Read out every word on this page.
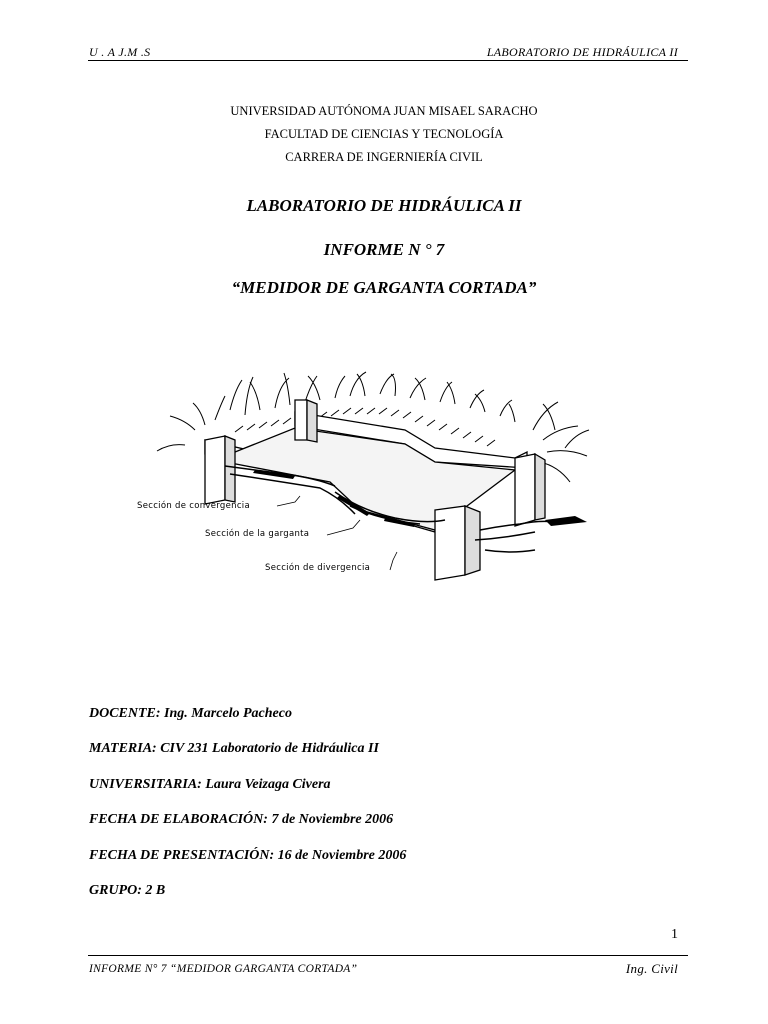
U . A J.M .S	LABORATORIO DE HIDRÁULICA II
UNIVERSIDAD AUTÓNOMA JUAN MISAEL SARACHO
FACULTAD DE CIENCIAS Y TECNOLOGÍA
CARRERA DE INGERNIERÍA CIVIL
LABORATORIO DE HIDRÁULICA II
INFORME N ° 7
“MEDIDOR DE GARGANTA CORTADA”
Sección de convergencia
Sección de la garganta
Sección de divergencia
DOCENTE: Ing. Marcelo Pacheco
MATERIA: CIV 231 Laboratorio de Hidráulica II
UNIVERSITARIA: Laura Veizaga Civera
FECHA DE ELABORACIÓN: 7 de Noviembre 2006
FECHA DE PRESENTACIÓN: 16 de Noviembre 2006
GRUPO: 2 B
1
INFORME N° 7 “MEDIDOR GARGANTA CORTADA”	Ing. Civil
